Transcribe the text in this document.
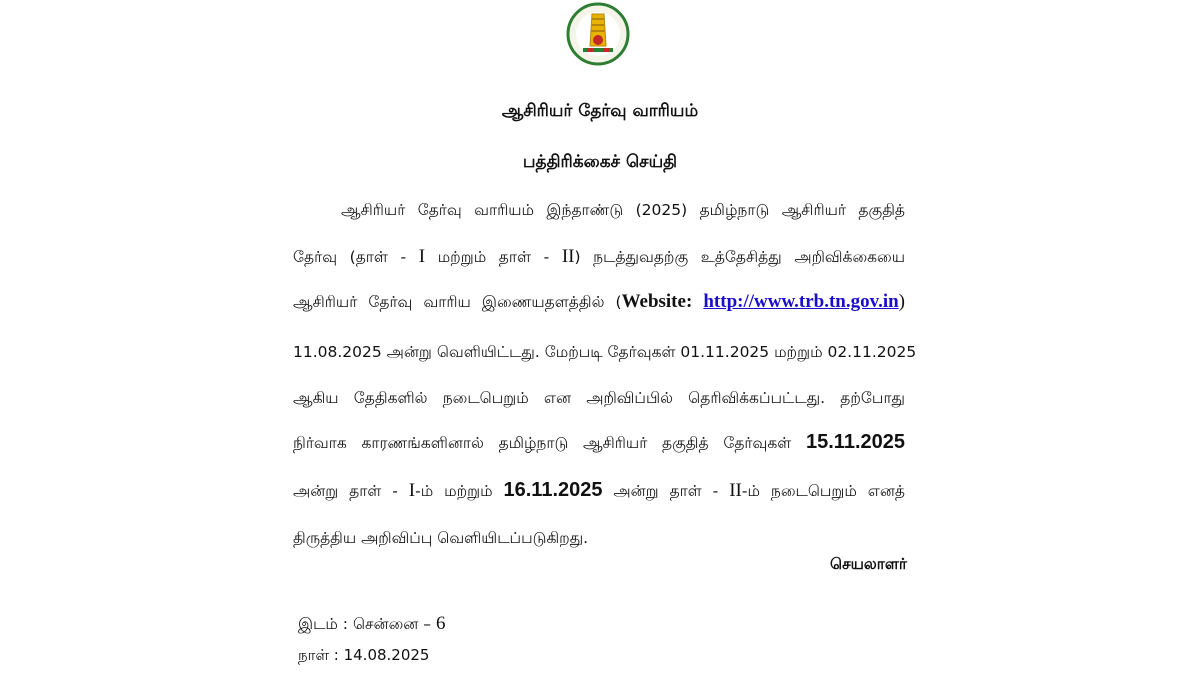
ஆசிரியர் தேர்வு வாரியம்
பத்திரிக்கைச் செய்தி
ஆசிரியர் தேர்வு வாரியம் இந்தாண்டு (2025) தமிழ்நாடு ஆசிரியர் தகுதித்
தேர்வு (தாள் - I மற்றும் தாள் - II) நடத்துவதற்கு உத்தேசித்து அறிவிக்கையை
ஆசிரியர் தேர்வு வாரிய இணையதளத்தில் (Website: http://www.trb.tn.gov.in)
11.08.2025 அன்று வெளியிட்டது. மேற்படி தேர்வுகள் 01.11.2025 மற்றும் 02.11.2025
ஆகிய தேதிகளில் நடைபெறும் என அறிவிப்பில் தெரிவிக்கப்பட்டது. தற்போது
நிர்வாக காரணங்களினால் தமிழ்நாடு ஆசிரியர் தகுதித் தேர்வுகள் 15.11.2025
அன்று தாள் - I-ம் மற்றும் 16.11.2025 அன்று தாள் - II-ம் நடைபெறும் எனத்
திருத்திய அறிவிப்பு வெளியிடப்படுகிறது.
செயலாளர்
இடம் : சென்னை – 6
நாள் : 14.08.2025
